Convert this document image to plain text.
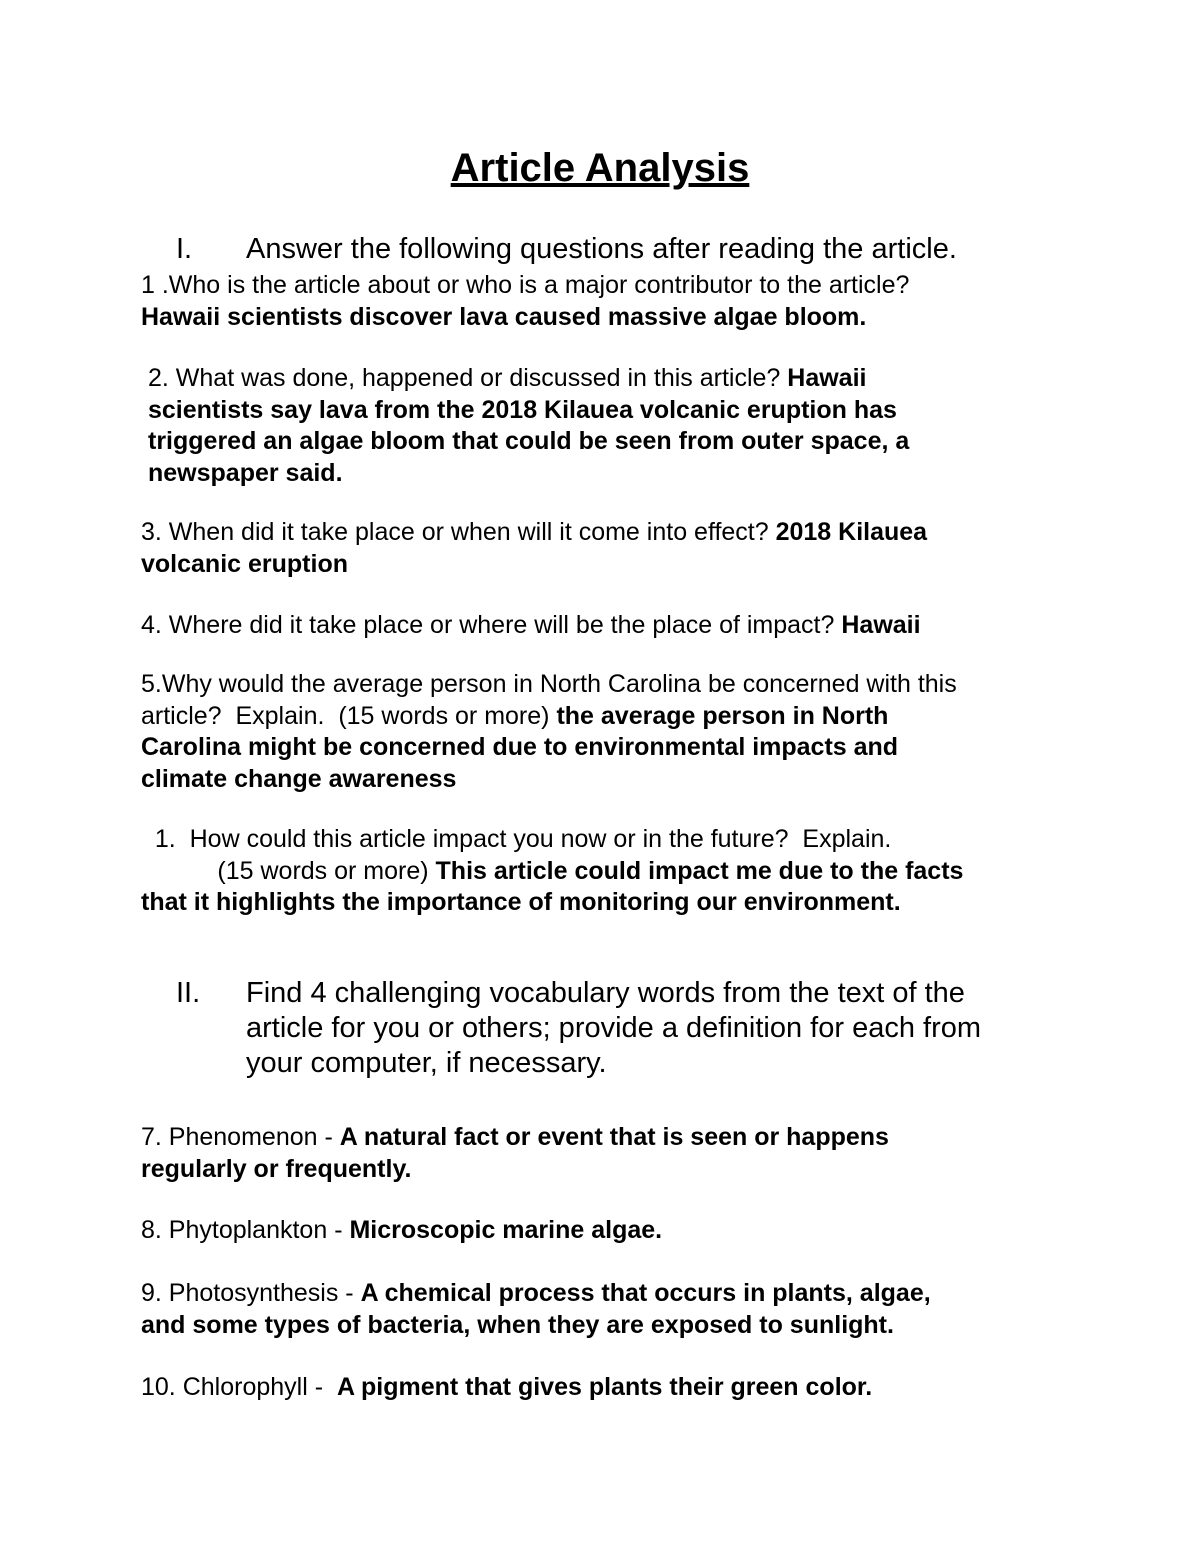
Article Analysis
I. Answer the following questions after reading the article.
1 .Who is the article about or who is a major contributor to the article?
Hawaii scientists discover lava caused massive algae bloom.
2. What was done, happened or discussed in this article? Hawaii
scientists say lava from the 2018 Kilauea volcanic eruption has
triggered an algae bloom that could be seen from outer space, a
newspaper said.
3. When did it take place or when will it come into effect? 2018 Kilauea
volcanic eruption
4. Where did it take place or where will be the place of impact? Hawaii
5.Why would the average person in North Carolina be concerned with this
article?  Explain.  (15 words or more) the average person in North
Carolina might be concerned due to environmental impacts and
climate change awareness
1.  How could this article impact you now or in the future?  Explain.
(15 words or more) This article could impact me due to the facts
that it highlights the importance of monitoring our environment.
II. Find 4 challenging vocabulary words from the text of the
article for you or others; provide a definition for each from
your computer, if necessary.
7. Phenomenon - A natural fact or event that is seen or happens
regularly or frequently.
8. Phytoplankton - Microscopic marine algae.
9. Photosynthesis - A chemical process that occurs in plants, algae,
and some types of bacteria, when they are exposed to sunlight.
10. Chlorophyll -  A pigment that gives plants their green color.
